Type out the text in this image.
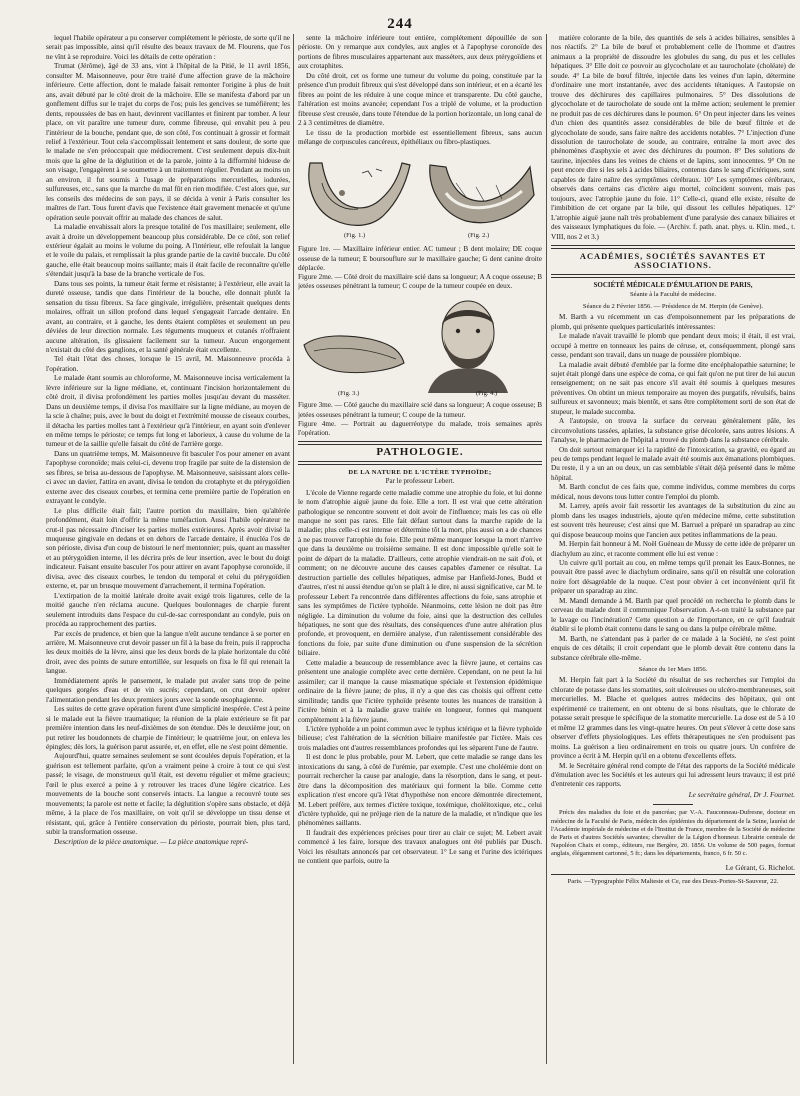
244

lequel l'habile opérateur a pu conserver complétement le périoste, de sorte qu'il ne serait pas impossible, ainsi qu'il résulte des beaux travaux de M. Flourens, que l'os ne vînt à se reproduire. Voici les détails de cette opération :

Trumat (Jérôme), âgé de 33 ans, vint à l'hôpital de la Pitié, le 11 avril 1856, consulter M. Maisonneuve, pour être traité d'une affection grave de la mâchoire inférieure. Cette affection, dont le malade faisait remonter l'origine à plus de huit ans, avait débuté par le côté droit de la mâchoire. Elle se manifesta d'abord par un gonflement diffus sur le trajet du corps de l'os; puis les gencives se tuméfièrent; les dents, repoussées de bas en haut, devinrent vacillantes et finirent par tomber. A leur place, on vit paraître une tumeur dure, comme fibreuse, qui envahit peu à peu l'intérieur de la bouche, pendant que, de son côté, l'os continuait à grossir et formait relief à l'extérieur. Tout cela s'accomplissait lentement et sans douleur, de sorte que le malade ne s'en préoccupait que médiocrement. C'est seulement depuis dix-huit mois que la gêne de la déglutition et de la parole, jointe à la difformité hideuse de son visage, l'engagèrent à se soumettre à un traitement régulier. Pendant au moins un an environ, il fut soumis à l'usage de préparations mercurielles, iodurées, sulfureuses, etc., sans que la marche du mal fût en rien modifiée. C'est alors que, sur les conseils des médecins de son pays, il se décida à venir à Paris consulter les maîtres de l'art. Tous furent d'avis que l'existence était gravement menacée et qu'une opération seule pouvait offrir au malade des chances de salut.

La maladie envahissait alors la presque totalité de l'os maxillaire; seulement, elle avait à droite un développement beaucoup plus considérable. De ce côté, son relief extérieur égalait au moins le volume du poing. A l'intérieur, elle refoulait la langue et le voile du palais, et remplissait la plus grande partie de la cavité buccale. Du côté gauche, elle était beaucoup moins saillante; mais il était facile de reconnaître qu'elle s'étendait jusqu'à la base de la branche verticale de l'os.

Dans tous ses points, la tumeur était ferme et résistante; à l'extérieur, elle avait la dureté osseuse, tandis que dans l'intérieur de la bouche, elle donnait plutôt la sensation du tissu fibreux. Sa face gingivale, irrégulière, présentait quelques dents molaires, offrait un sillon profond dans lequel s'engageait l'arcade dentaire. En avant, au contraire, et à gauche, les dents étaient complètes et seulement un peu déviées de leur direction normale. Les téguments muqueux et cutanés n'offraient aucune altération, ils glissaient facilement sur la tumeur. Aucun engorgement n'existait du côté des ganglions, et la santé générale était excellente.

Tel était l'état des choses, lorsque le 15 avril, M. Maisonneuve procéda à l'opération.

Le malade étant soumis au chloroforme, M. Maisonneuve incisa verticalement la lèvre inférieure sur la ligne médiane, et, continuant l'incision horizontalement du côté droit, il divisa profondément les parties molles jusqu'au devant du masséter. Dans un deuxième temps, il divisa l'os maxillaire sur la ligne médiane, au moyen de la scie à chaîne; puis, avec le bout du doigt et l'extrémité mousse de ciseaux courbes, il détacha les parties molles tant à l'extérieur qu'à l'intérieur, en ayant soin d'enlever en même temps le périoste; ce temps fut long et laborieux, à cause du volume de la tumeur et de la saillie qu'elle faisait du côté de l'arrière gorge.

Dans un quatrième temps, M. Maisonneuve fit basculer l'os pour amener en avant l'apophyse coronoïde; mais celui-ci, devenu trop fragile par suite de la distension de ses fibres, se brisa au-dessous de l'apophyse. M. Maisonneuve, saisissant alors celle-ci avec un davier, l'attira en avant, divisa le tendon du crotaphyte et du ptérygoïdien externe avec des ciseaux courbes, et termina cette première partie de l'opération en extrayant le condyle.

Le plus difficile était fait; l'autre portion du maxillaire, bien qu'altérée profondément, était loin d'offrir la même tuméfaction. Aussi l'habile opérateur ne crut-il pas nécessaire d'inciser les parties molles extérieures. Après avoir divisé la muqueuse gingivale en dedans et en dehors de l'arcade dentaire, il énucléa l'os de son périoste, divisa d'un coup de bistouri le nerf mentonnier; puis, quant au masséter et au ptérygoïdien interne, il les décrira près de leur insertion, avec le bout du doigt indicateur. Faisant ensuite basculer l'os pour attirer en avant l'apophyse coronoïde, il divisa, avec des ciseaux courbes, le tendon du temporal et celui du ptérygoïdien externe, et, par un brusque mouvement d'arrachement, il termina l'opération.

L'extirpation de la moitié latérale droite avait exigé trois ligatures, celle de la moitié gauche n'en réclama aucune. Quelques boulonnages de charpie furent seulement introduits dans l'espace du cul-de-sac correspondant au condyle, puis on procéda au rapprochement des parties.

Par excès de prudence, et bien que la langue n'eût aucune tendance à se porter en arrière, M. Maisonneuve crut devoir passer un fil à la base du frein, puis il rapprocha les deux moitiés de la lèvre, ainsi que les deux bords de la plaie horizontale du côté droit, avec des points de suture entortillée, sur lesquels on fixa le fil qui retenait la langue.

Immédiatement après le pansement, le malade put avaler sans trop de peine quelques gorgées d'eau et de vin sucrés; cependant, on crut devoir opérer l'alimentation pendant les deux premiers jours avec la sonde œsophagienne.

Les suites de cette grave opération furent d'une simplicité inespérée. C'est à peine si le malade eut la fièvre traumatique; la réunion de la plaie extérieure se fit par première intention dans les neuf-dixièmes de son étendue. Dès le deuxième jour, on put retirer les boudonnets de charpie de l'intérieur; le quatrième jour, on enleva les épingles; dès lors, la guérison parut assurée, et, en effet, elle ne s'est point démentie.

Aujourd'hui, quatre semaines seulement se sont écoulées depuis l'opération, et la guérison est tellement parfaite, qu'on a vraiment peine à croire à tout ce qui s'est passé; le visage, de monstrueux qu'il était, est devenu régulier et même gracieux; l'œil le plus exercé a peine à y retrouver les traces d'une légère cicatrice. Les mouvements de la bouche sont conservés intacts. La langue a recouvré toute ses mouvements; la parole est nette et facile; la déglutition s'opère sans obstacle, et déjà même, à la place de l'os maxillaire, on voit qu'il se développe un tissu dense et résistant, qui, grâce à l'entière conservation du périoste, pourrait bien, plus tard, subir la transformation osseuse.

Description de la pièce anatomique. — La pièce anatomique repré-

sente la mâchoire inférieure tout entière, complétement dépouillée de son périoste. On y remarque aux condyles, aux angles et à l'apophyse coronoïde des portions de fibres musculaires appartenant aux masséters, aux deux ptérygoïdiens et aux crotaphites.

Du côté droit, cet os forme une tumeur du volume du poing, constituée par la présence d'un produit fibreux qui s'est développé dans son intérieur, et en a écarté les fibres au point de les réduire à une coque mince et transparente. Du côté gauche, l'altération est moins avancée; cependant l'os a triplé de volume, et la production fibreuse s'est creusée, dans toute l'étendue de la portion horizontale, un long canal de 2 à 3 centimètres de diamètre.

Le tissu de la production morbide est essentiellement fibreux, sans aucun mélange de corpuscules cancéreux, épithéliaux ou fibro-plastiques.

(Fig. 1.)	(Fig. 2.)

Figure 1re. — Maxillaire inférieur entier. AC tumeur ; B dent molaire; DE coque osseuse de la tumeur; E boursouflure sur le maxillaire gauche; G dent canine droite déplacée.

Figure 2me. — Côté droit du maxillaire scié dans sa longueur; A A coque osseuse; B jetées osseuses pénétrant la tumeur; C coupe de la tumeur coupée en deux.

(Fig. 3.)	(Fig. 4.)

Figure 3me. — Côté gauche du maxillaire scié dans sa longueur; A coque osseuse; B jetées osseuses pénétrant la tumeur; C coupe de la tumeur.

Figure 4me. — Portrait au daguerréotype du malade, trois semaines après l'opération.

PATHOLOGIE.
DE LA NATURE DE L'ICTÈRE TYPHOÏDE;
Par le professeur Lebert.

L'école de Vienne regarde cette maladie comme une atrophie du foie, et lui donne le nom d'atrophie aiguë jaune du foie. Elle a tort. Il est vrai que cette altération pathologique se rencontre souvent et doit avoir de l'influence; mais les cas où elle manque ne sont pas rares. Elle fait défaut surtout dans la marche rapide de la maladie; plus celle-ci est intense et détermine tôt la mort, plus aussi on a de chances à ne pas trouver l'atrophie du foie. Elle peut même manquer lorsque la mort n'arrive que dans la deuxième ou troisième semaine. Il est donc impossible qu'elle soit le point de départ de la maladie. D'ailleurs, cette atrophie viendrait-on ne sait d'où, et comment; on ne découvre aucune des causes capables d'amener ce résultat. La destruction partielle des cellules hépatiques, admise par Hanfield-Jones, Budd et d'autres, n'est ni aussi étendue qu'on se plaît à le dire, ni aussi significative, car M. le professeur Lebert l'a rencontrée dans différentes affections du foie, sans atrophie et sans les symptômes de l'ictère typhoïde. Néanmoins, cette lésion ne doit pas être négligée. La diminution du volume du foie, ainsi que la destruction des cellules hépatiques, ne sont que des résultats, des conséquences d'une autre altération plus profonde, et provoquent, en dernière analyse, d'un ralentissement considérable des fonctions du foie, par suite d'une diminution ou d'une suspension de la sécrétion biliaire.

Cette maladie a beaucoup de ressemblance avec la fièvre jaune, et certains cas présentent une analogie complète avec cette dernière. Cependant, on ne peut la lui assimiler; car il manque la cause miasmatique spéciale et l'extension épidémique ordinaire de la fièvre jaune; de plus, il n'y a que des cas choisis qui offrent cette similitude; tandis que l'ictère typhoïde présente toutes les nuances de transition à l'ictère bénin et à la maladie grave traitée en longueur, formes qui manquent complètement à la fièvre jaune.

L'ictère typhoïde a un point commun avec le typhus ictérique et la fièvre typhoïde bilieuse; c'est l'altération de la sécrétion biliaire manifestée par l'ictère. Mais ces trois maladies ont d'autres ressemblances profondes qui les séparent l'une de l'autre.

Il est donc le plus probable, pour M. Lebert, que cette maladie se range dans les intoxications du sang, à côté de l'urémie, par exemple. C'est une choléémie dont on pourrait rechercher la cause par analogie, dans la résorption, dans le sang, et peut-être dans la décomposition des matériaux qui forment la bile. Comme cette explication n'est encore qu'à l'état d'hypothèse non encore démontrée directement, M. Lebert préfère, aux termes d'ictère toxique, toxémique, choléitoxique, etc., celui d'ictère typhoïde, qui ne préjuge rien de la nature de la maladie, et n'indique que les phénomènes saillants.

Il faudrait des expériences précises pour tirer au clair ce sujet; M. Lebert avait commencé à les faire, lorsque des travaux analogues ont été publiés par Dusch. Voici les résultats annoncés par cet observateur. 1° Le sang et l'urine des ictériques ne contient que parfois, outre la

matière colorante de la bile, des quantités de sels à acides biliaires, sensibles à nos réactifs. 2° La bile de bœuf et probablement celle de l'homme et d'autres animaux a la propriété de dissoudre les globules du sang, du pus et les cellules hépatiques. 3° Elle doit ce pouvoir au glycocholate et au taurocholate (choléate) de soude. 4° La bile de bœuf filtrée, injectée dans les veines d'un lapin, détermine d'ordinaire une mort instantanée, avec des accidents tétaniques. A l'autopsie on trouve des déchirures des capillaires pulmonaires. 5° Des dissolutions de glycocholate et de taurocholate de soude ont la même action; seulement le premier ne produit pas de ces déchirures dans le poumon. 6° On peut injecter dans les veines d'un chien des quantités assez considérables de bile de bœuf filtrée et de glycocholate de soude, sans faire naître des accidents notables. 7° L'injection d'une dissolution de taurocholate de soude, au contraire, entraîne la mort avec des phénomènes d'asphyxie et avec des déchirures du poumon. 8° Des solutions de taurine, injectées dans les veines de chiens et de lapins, sont innocentes. 9° On ne peut encore dire si les sels à acides biliaires, contenus dans le sang d'ictériques, sont capables de faire naître des symptômes cérébraux. 10° Les symptômes cérébraux, observés dans certains cas d'ictère aigu mortel, coïncident souvent, mais pas toujours, avec l'atrophie jaune du foie. 11° Celle-ci, quand elle existe, résulte de l'imbibition de cet organe par la bile, qui dissout les cellules hépatiques. 12° L'atrophie aiguë jaune naît très probablement d'une paralysie des canaux biliaires et des vaisseaux lymphatiques du foie. — (Archiv. f. path. anat. phys. u. Klin. med., t. VIII, nos 2 et 3.)

ACADÉMIES, SOCIÉTÉS SAVANTES ET ASSOCIATIONS.
SOCIÉTÉ MÉDICALE D'ÉMULATION DE PARIS,
Séante à la Faculté de médecine.
Séance du 2 Février 1856. — Présidence de M. Herpin (de Genève).

M. Barth a vu récemment un cas d'empoisonnement par les préparations de plomb, qui présente quelques particularités intéressantes:

Le malade n'avait travaillé le plomb que pendant deux mois; il était, il est vrai, occupé à mettre en tonneaux les pains de céruse, et, conséquemment, plongé sans cesse, pendant son travail, dans un nuage de poussière plombique.

La maladie avait débuté d'emblée par la forme dite encéphalopathie saturnine; le sujet était plongé dans une espèce de coma, ce qui fait qu'on ne put tirer de lui aucun renseignement; on ne sait pas encore s'il avait été soumis à quelques mesures préventives. On obtint un mieux temporaire au moyen des purgatifs, révulsifs, bains sulfureux et savonneux; mais bientôt, et sans être complétement sorti de son état de stupeur, le malade succomba.

A l'autopsie, on trouva la surface du cerveau généralement pâle, les circonvolutions tassées, aplaties, la substance grise décolorée, sans autres lésions. A l'analyse, le pharmacien de l'hôpital a trouvé du plomb dans la substance cérébrale.

On doit surtout remarquer ici la rapidité de l'intoxication, sa gravité, eu égard au peu de temps pendant lequel le malade avait été soumis aux émanations plombiques. Du reste, il y a un an ou deux, un cas semblable s'était déjà présenté dans le même hôpital.

M. Barth conclut de ces faits que, comme individus, comme membres du corps médical, nous devons tous lutter contre l'emploi du plomb.

M. Larrey, après avoir fait ressortir les avantages de la substitution du zinc au plomb dans les usages industriels, ajoute qu'en médecine même, cette substitution est souvent très heureuse; c'est ainsi que M. Barruel a préparé un sparadrap au zinc qui dispose beaucoup moins que l'ancien aux petites inflammations de la peau.

M. Herpin fait honneur à M. Noël Guéneau de Mussy de cette idée de préparer un diachylum au zinc, et raconte comment elle lui est venue :

Un cuivre qu'il portait au cou, en même temps qu'il prenait les Eaux-Bonnes, ne pouvait être passé avec le diachylum ordinaire, sans qu'il en résultât une coloration noire fort désagréable de la nuque. C'est pour obvier à cet inconvénient qu'il fit préparer un sparadrap au zinc.

M. Mandl demande à M. Barth par quel procédé on rechercha le plomb dans le cerveau du malade dont il communique l'observation. A-t-on traité la substance par le lavage ou l'incinération? Cette question a de l'importance, en ce qu'il faudrait établir si le plomb était contenu dans le sang ou dans la pulpe cérébrale même.

M. Barth, ne s'attendant pas à parler de ce malade à la Société, ne s'est point enquis de ces détails; il croit cependant que le plomb devait être contenu dans la substance cérébrale elle-même.

Séance du 1er Mars 1856.

M. Herpin fait part à la Société du résultat de ses recherches sur l'emploi du chlorate de potasse dans les stomatites, soit ulcéreuses ou ulcéro-membraneuses, soit mercurielles. M. Blache et quelques autres médecins des hôpitaux, qui ont expérimenté ce traitement, en ont obtenu de si bons résultats, que le chlorate de potasse serait presque le spécifique de la stomatite mercurielle. La dose est de 5 à 10 et même 12 grammes dans les vingt-quatre heures. On peut s'élever à cette dose sans observer d'effets physiologiques. Les effets thérapeutiques ne s'en produisent pas moins. La guérison a lieu ordinairement en trois ou quatre jours. Un confrère de province a écrit à M. Herpin qu'il en a obtenu d'excellents effets.

M. le Secrétaire général rend compte de l'état des rapports de la Société médicale d'émulation avec les Sociétés et les auteurs qui lui adressent leurs travaux; il est prié d'entretenir ces rapports.

Le secrétaire général, Dr J. Fournet.

Précis des maladies du foie et du pancréas; par V.-A. Fauconneau-Dufresne, docteur en médecine de la Faculté de Paris, médecin des épidémies du département de la Seine, lauréat de l'Académie impériale de médecine et de l'Institut de France, membre de la Société de médecine de Paris et d'autres Sociétés savantes; chevalier de la Légion d'honneur. Librairie centrale de Napoléon Chaix et comp., éditeurs, rue Bergère, 20. 1856. Un volume de 500 pages, format anglais, élégamment cartonné, 5 fr.; dans les départements, franco, 6 fr. 50 c.

Le Gérant, G. Richelot.
Paris. —Typographie Félix Malteste et Ce, rue des Deux-Portes-St-Sauveur, 22.
